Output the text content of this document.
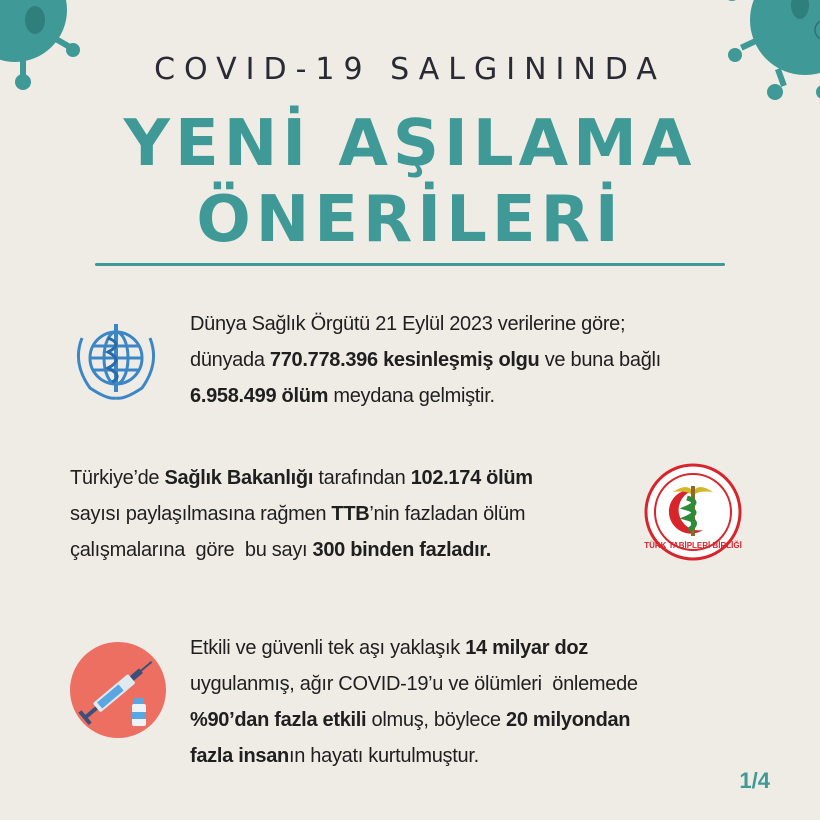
COVID-19 SALGININDA
YENİ AŞILAMA
ÖNERİLERİ
Dünya Sağlık Örgütü 21 Eylül 2023 verilerine göre;
dünyada 770.778.396 kesinleşmiş olgu ve buna bağlı
6.958.499 ölüm meydana gelmiştir.
Türkiye’de Sağlık Bakanlığı tarafından 102.174 ölüm
sayısı paylaşılmasına rağmen TTB’nin fazladan ölüm
çalışmalarına  göre  bu sayı 300 binden fazladır.	TÜRK TABİPLERİ BİRLİĞİ
Etkili ve güvenli tek aşı yaklaşık 14 milyar doz
uygulanmış, ağır COVID-19’u ve ölümleri  önlemede
%90’dan fazla etkili olmuş, böylece 20 milyondan
fazla insanın hayatı kurtulmuştur.
1/4
